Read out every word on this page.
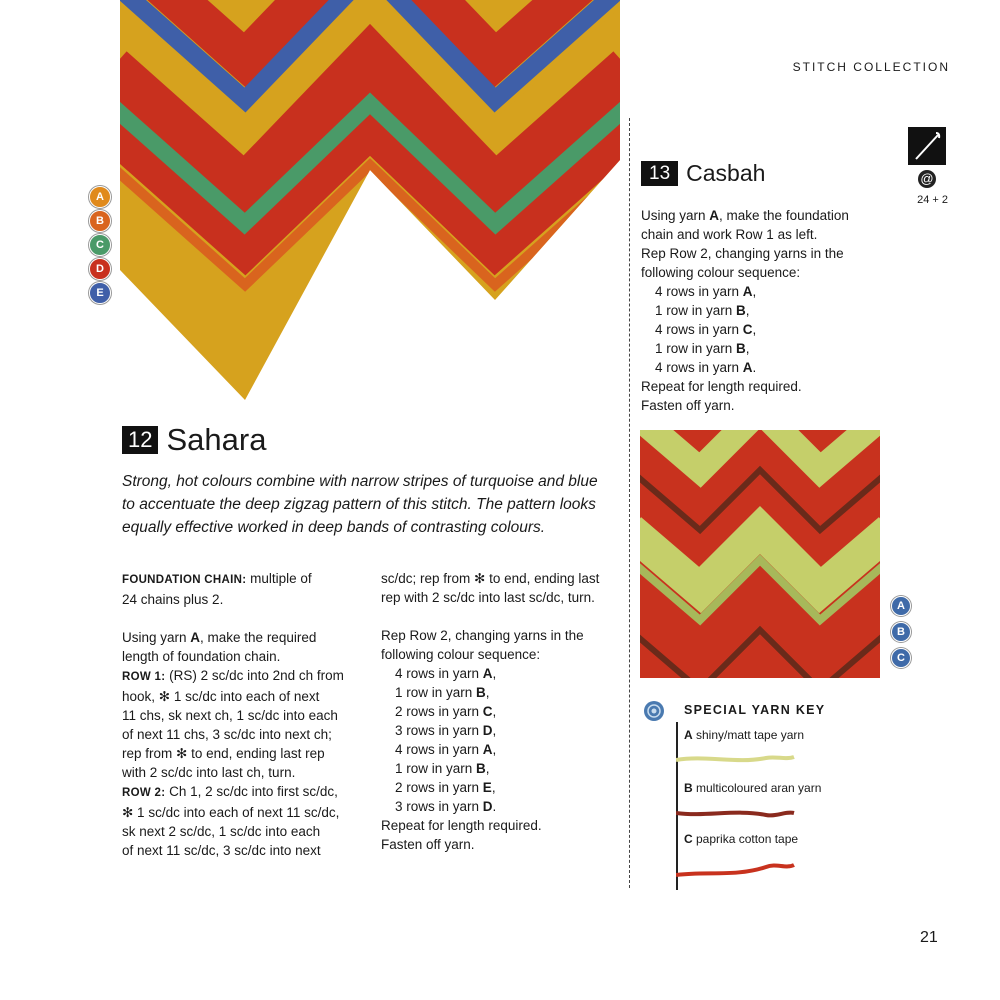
STITCH COLLECTION
A
B
C
D
E
12 Sahara
Strong, hot colours combine with narrow stripes of turquoise and blue
to accentuate the deep zigzag pattern of this stitch. The pattern looks
equally effective worked in deep bands of contrasting colours.

FOUNDATION CHAIN: multiple of
24 chains plus 2.

Using yarn A, make the required
length of foundation chain.
ROW 1: (RS) 2 sc/dc into 2nd ch from
hook, ✻ 1 sc/dc into each of next
11 chs, sk next ch, 1 sc/dc into each
of next 11 chs, 3 sc/dc into next ch;
rep from ✻ to end, ending last rep
with 2 sc/dc into last ch, turn.
ROW 2: Ch 1, 2 sc/dc into first sc/dc,
✻ 1 sc/dc into each of next 11 sc/dc,
sk next 2 sc/dc, 1 sc/dc into each
of next 11 sc/dc, 3 sc/dc into next

sc/dc; rep from ✻ to end, ending last
rep with 2 sc/dc into last sc/dc, turn.

Rep Row 2, changing yarns in the
following colour sequence:
4 rows in yarn A,
1 row in yarn B,
2 rows in yarn C,
3 rows in yarn D,
4 rows in yarn A,
1 row in yarn B,
2 rows in yarn E,
3 rows in yarn D.
Repeat for length required.
Fasten off yarn.

@
24 + 2
13 Casbah
Using yarn A, make the foundation
chain and work Row 1 as left.
Rep Row 2, changing yarns in the
following colour sequence:
4 rows in yarn A,
1 row in yarn B,
4 rows in yarn C,
1 row in yarn B,
4 rows in yarn A.
Repeat for length required.
Fasten off yarn.
A
B
C
SPECIAL YARN KEY
A shiny/matt tape yarn
B multicoloured aran yarn
C paprika cotton tape
21
